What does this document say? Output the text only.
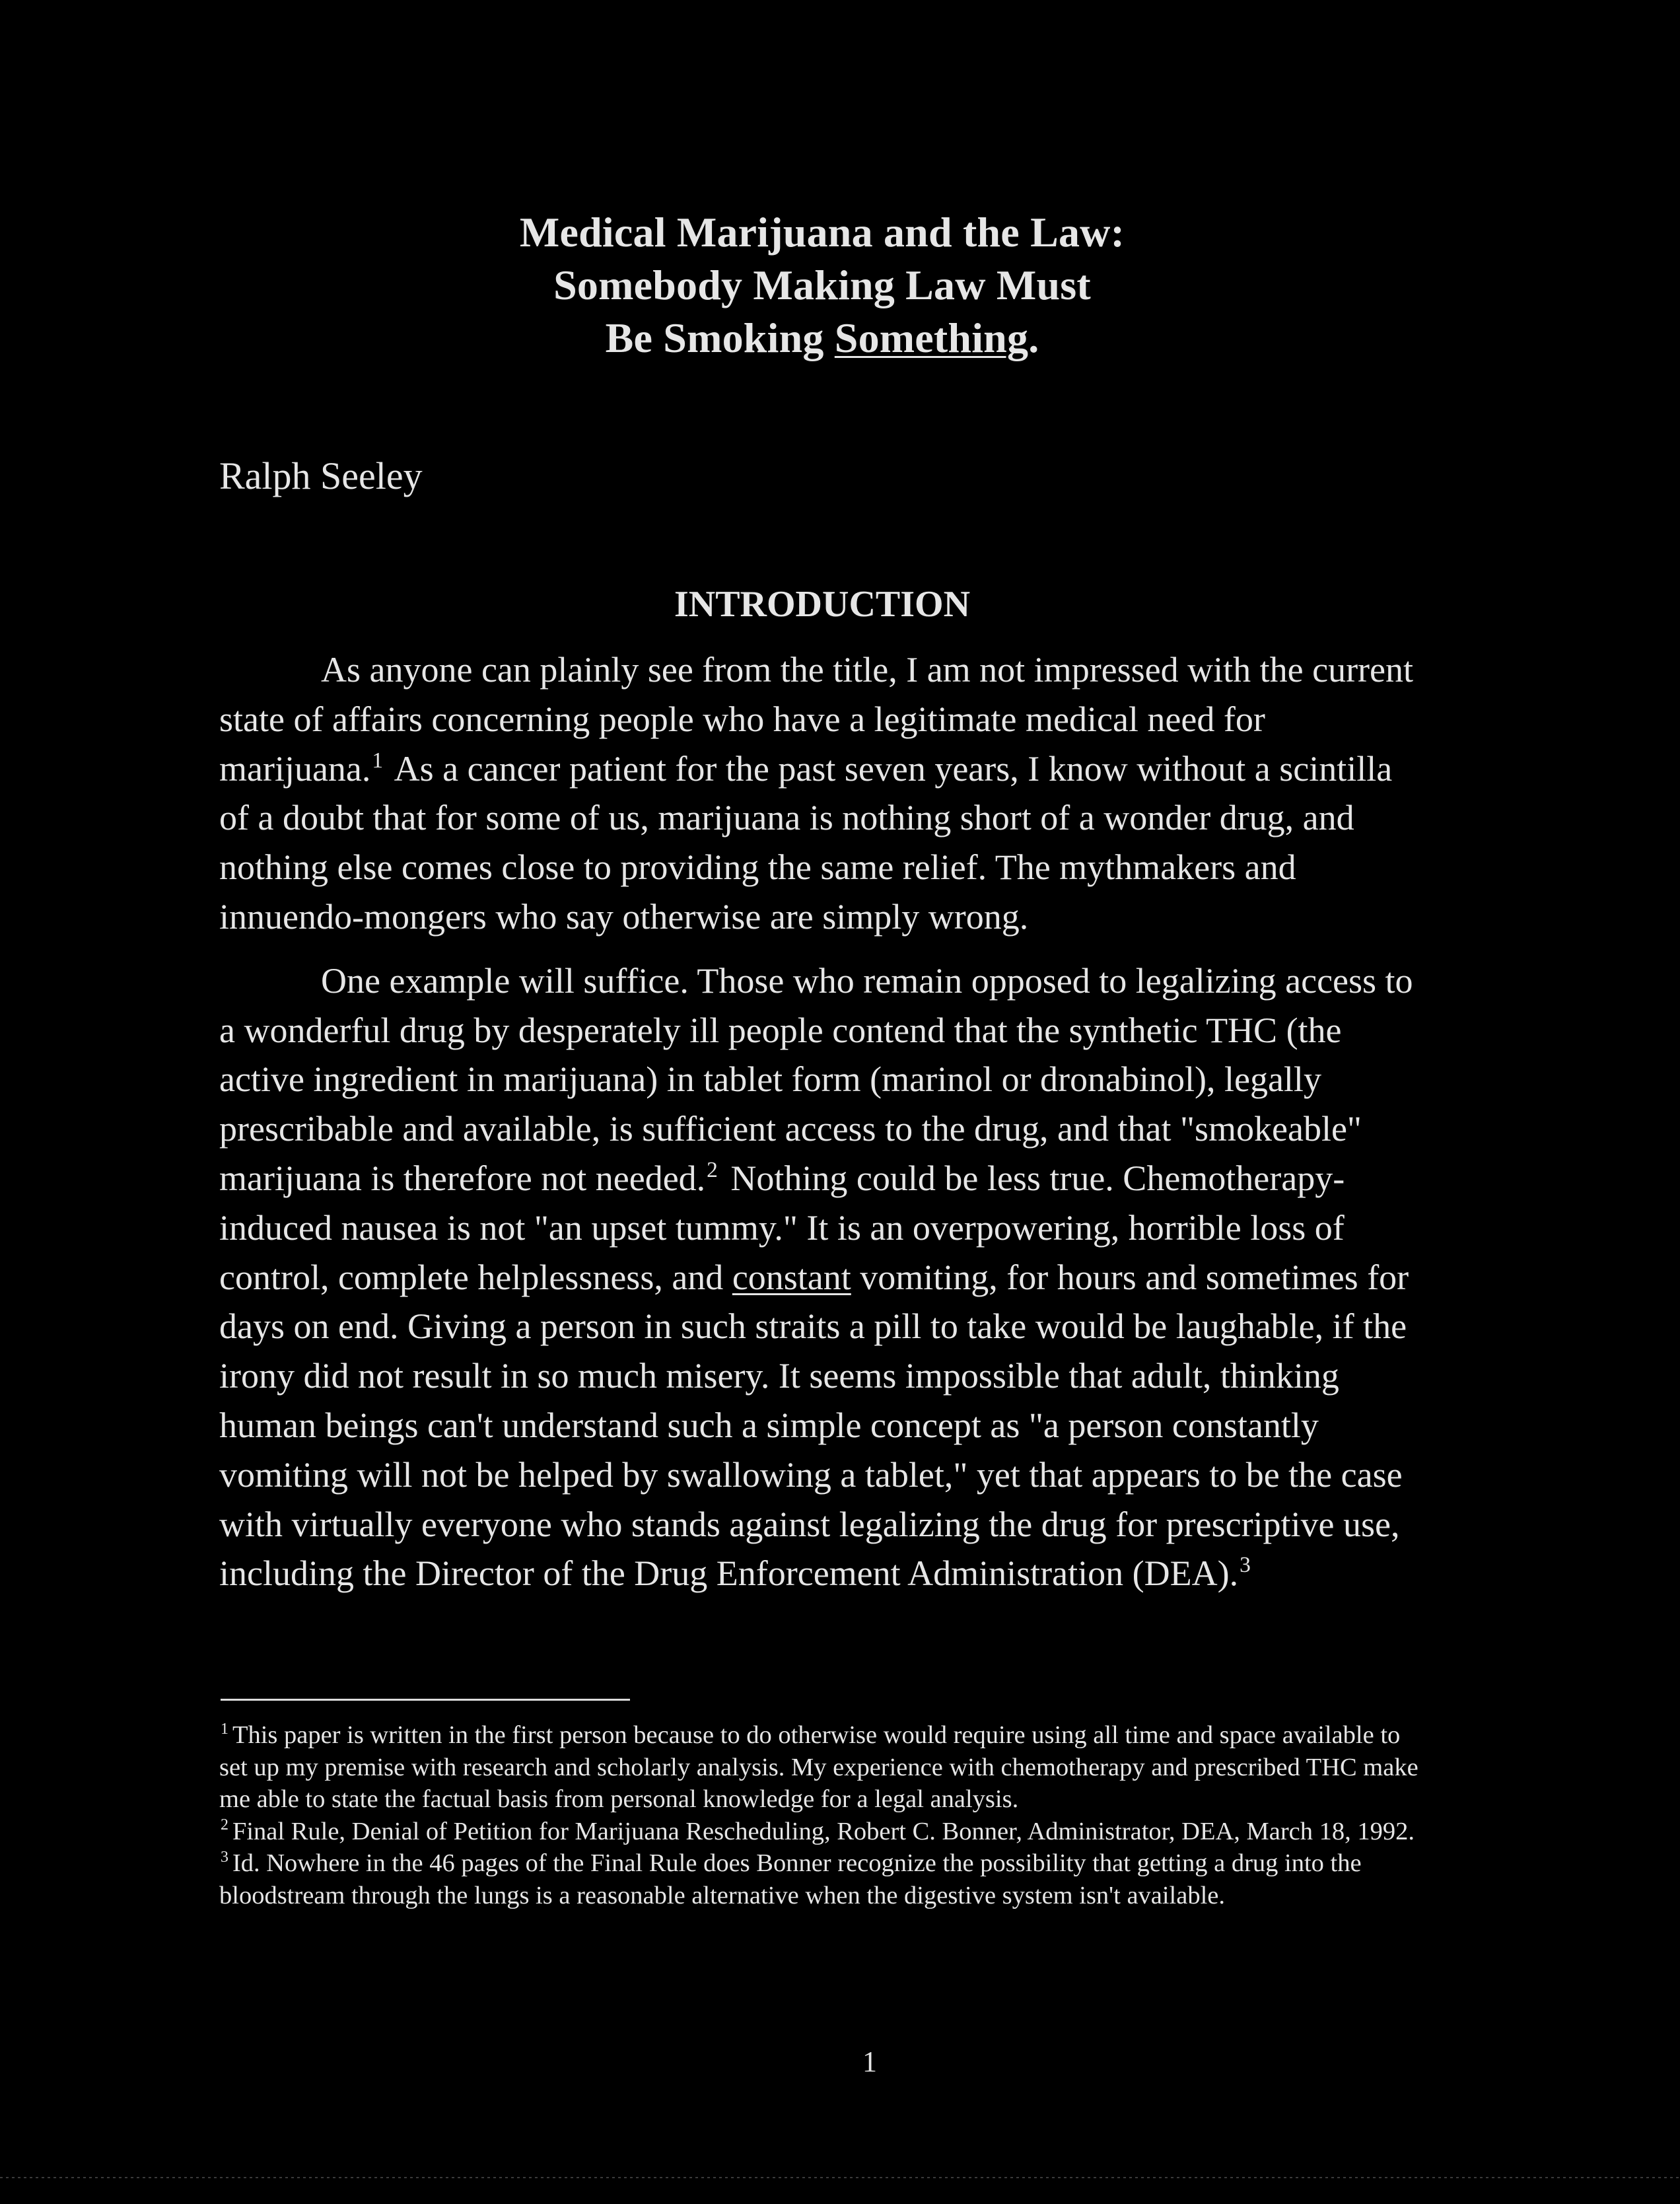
Medical Marijuana and the Law:
Somebody Making Law Must
Be Smoking Something.
Ralph Seeley
INTRODUCTION

As anyone can plainly see from the title, I am not impressed with the current state of affairs concerning people who have a legitimate medical need for marijuana.$^1$ As a cancer patient for the past seven years, I know without a scintilla of a doubt that for some of us, marijuana is nothing short of a wonder drug, and nothing else comes close to providing the same relief. The mythmakers and innuendo-mongers who say otherwise are simply wrong.

One example will suffice. Those who remain opposed to legalizing access to a wonderful drug by desperately ill people contend that the synthetic THC (the active ingredient in marijuana) in tablet form (marinol or dronabinol), legally prescribable and available, is sufficient access to the drug, and that "smokeable" marijuana is therefore not needed.$^2$ Nothing could be less true. Chemotherapy-induced nausea is not "an upset tummy." It is an overpowering, horrible loss of control, complete helplessness, and constant vomiting, for hours and sometimes for days on end. Giving a person in such straits a pill to take would be laughable, if the irony did not result in so much misery. It seems impossible that adult, thinking human beings can't understand such a simple concept as "a person constantly vomiting will not be helped by swallowing a tablet," yet that appears to be the case with virtually everyone who stands against legalizing the drug for prescriptive use, including the Director of the Drug Enforcement Administration (DEA).$^3$

$^1$ This paper is written in the first person because to do otherwise would require using all time and space available to set up my premise with research and scholarly analysis. My experience with chemotherapy and prescribed THC make me able to state the factual basis from personal knowledge for a legal analysis.

$^2$ Final Rule, Denial of Petition for Marijuana Rescheduling, Robert C. Bonner, Administrator, DEA, March 18, 1992.

$^3$ Id. Nowhere in the 46 pages of the Final Rule does Bonner recognize the possibility that getting a drug into the bloodstream through the lungs is a reasonable alternative when the digestive system isn't available.

1
